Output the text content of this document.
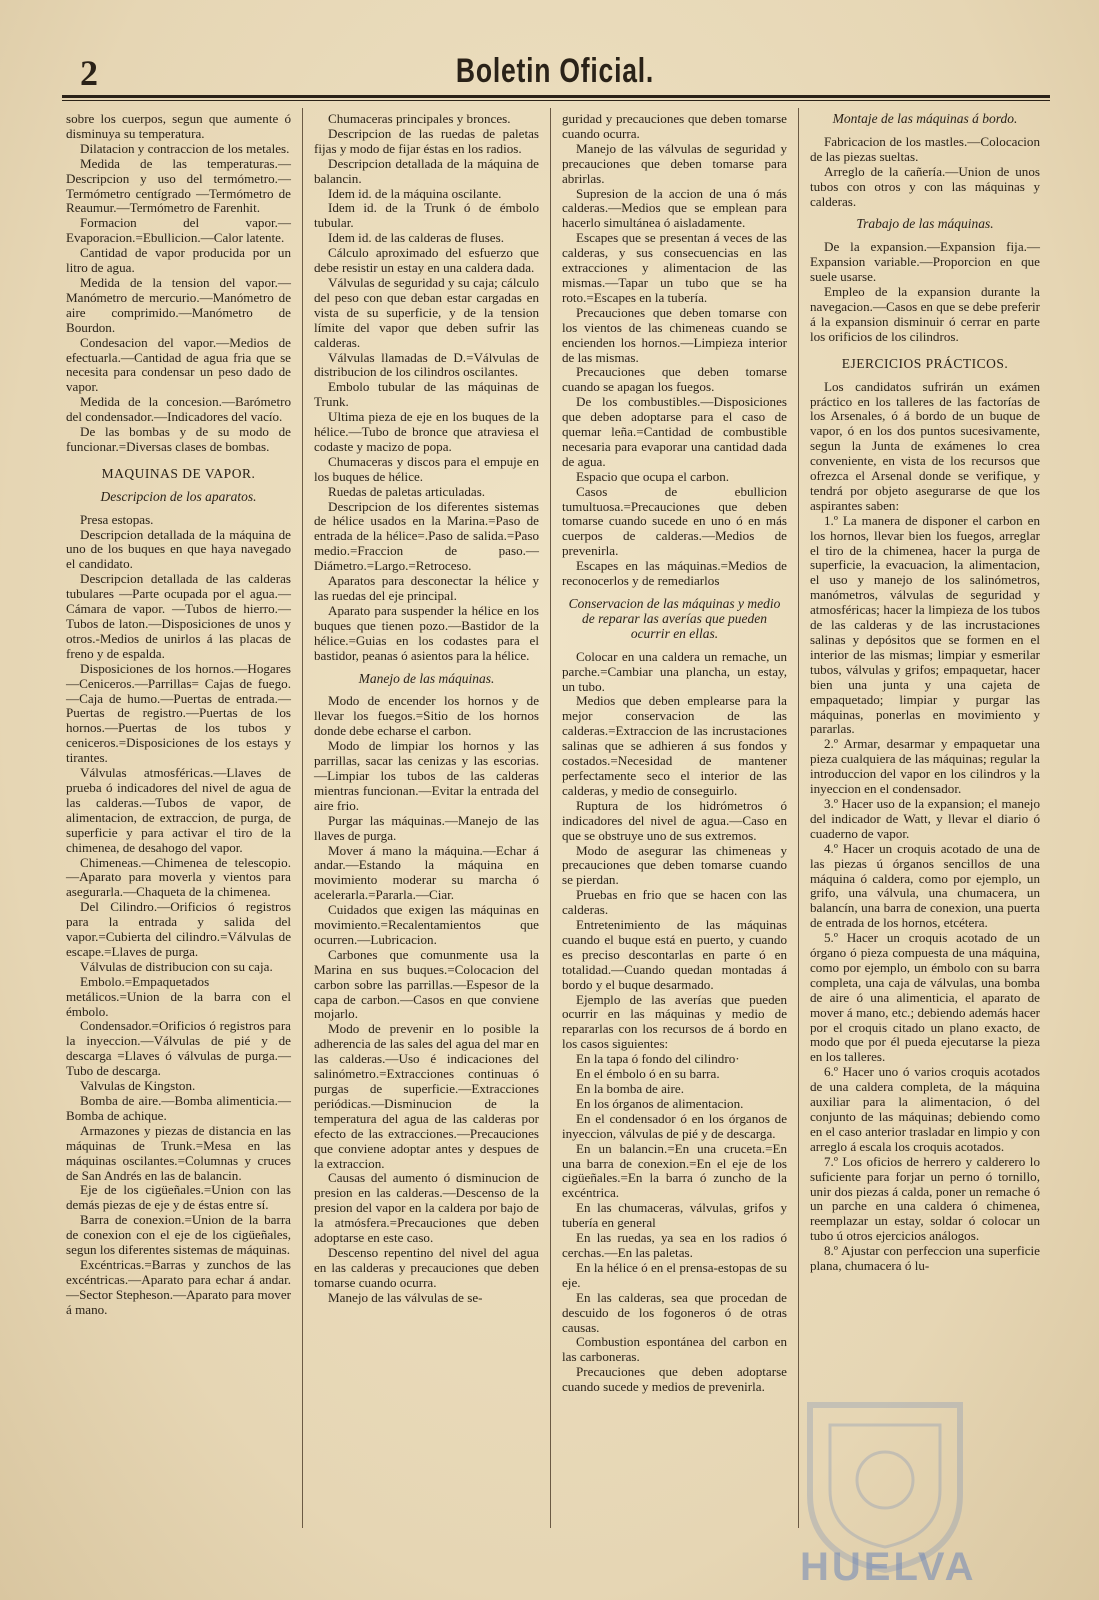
2	Boletin Oficial.

sobre los cuerpos, segun que aumente ó disminuya su temperatura.

Dilatacion y contraccion de los metales.

Medida de las temperaturas.—Descripcion y uso del termómetro.—Termómetro centígrado —Termómetro de Reaumur.—Termómetro de Farenhit.

Formacion del vapor.—Evaporacion.=Ebullicion.—Calor latente.

Cantidad de vapor producida por un litro de agua.

Medida de la tension del vapor.—Manómetro de mercurio.—Manómetro de aire comprimido.—Manómetro de Bourdon.

Condesacion del vapor.—Medios de efectuarla.—Cantidad de agua fria que se necesita para condensar un peso dado de vapor.

Medida de la concesion.—Barómetro del condensador.—Indicadores del vacío.

De las bombas y de su modo de funcionar.=Diversas clases de bombas.

MAQUINAS DE VAPOR.
Descripcion de los aparatos.

Presa estopas.

Descripcion detallada de la máquina de uno de los buques en que haya navegado el candidato.

Descripcion detallada de las calderas tubulares —Parte ocupada por el agua.—Cámara de vapor. —Tubos de hierro.—Tubos de laton.—Disposiciones de unos y otros.-Medios de unirlos á las placas de freno y de espalda.

Disposiciones de los hornos.—Hogares —Ceniceros.—Parrillas= Cajas de fuego.—Caja de humo.—Puertas de entrada.—Puertas de registro.—Puertas de los hornos.—Puertas de los tubos y ceniceros.=Disposiciones de los estays y tirantes.

Válvulas atmosféricas.—Llaves de prueba ó indicadores del nivel de agua de las calderas.—Tubos de vapor, de alimentacion, de extraccion, de purga, de superficie y para activar el tiro de la chimenea, de desahogo del vapor.

Chimeneas.—Chimenea de telescopio.—Aparato para moverla y vientos para asegurarla.—Chaqueta de la chimenea.

Del Cilindro.—Orificios ó registros para la entrada y salida del vapor.=Cubierta del cilindro.=Válvulas de escape.=Llaves de purga.

Válvulas de distribucion con su caja.

Embolo.=Empaquetados metálicos.=Union de la barra con el émbolo.

Condensador.=Orificios ó registros para la inyeccion.—Válvulas de pié y de descarga =Llaves ó válvulas de purga.—Tubo de descarga.

Valvulas de Kingston.

Bomba de aire.—Bomba alimenticia.—Bomba de achique.

Armazones y piezas de distancia en las máquinas de Trunk.=Mesa en las máquinas oscilantes.=Columnas y cruces de San Andrés en las de balancin.

Eje de los cigüeñales.=Union con las demás piezas de eje y de éstas entre sí.

Barra de conexion.=Union de la barra de conexion con el eje de los cigüeñales, segun los diferentes sistemas de máquinas.

Excéntricas.=Barras y zunchos de las excéntricas.—Aparato para echar á andar.—Sector Stepheson.—Aparato para mover á mano.

Chumaceras principales y bronces.

Descripcion de las ruedas de paletas fijas y modo de fijar éstas en los radios.

Descripcion detallada de la máquina de balancin.

Idem id. de la máquina oscilante.

Idem id. de la Trunk ó de émbolo tubular.

Idem id. de las calderas de fluses.

Cálculo aproximado del esfuerzo que debe resistir un estay en una caldera dada.

Válvulas de seguridad y su caja; cálculo del peso con que deban estar cargadas en vista de su superficie, y de la tension límite del vapor que deben sufrir las calderas.

Válvulas llamadas de D.=Válvulas de distribucion de los cilindros oscilantes.

Embolo tubular de las máquinas de Trunk.

Ultima pieza de eje en los buques de la hélice.—Tubo de bronce que atraviesa el codaste y macizo de popa.

Chumaceras y discos para el empuje en los buques de hélice.

Ruedas de paletas articuladas.

Descripcion de los diferentes sistemas de hélice usados en la Marina.=Paso de entrada de la hélice=.Paso de salida.=Paso medio.=Fraccion de paso.—Diámetro.=Largo.=Retroceso.

Aparatos para desconectar la hélice y las ruedas del eje principal.

Aparato para suspender la hélice en los buques que tienen pozo.—Bastidor de la hélice.=Guias en los codastes para el bastidor, peanas ó asientos para la hélice.

Manejo de las máquinas.

Modo de encender los hornos y de llevar los fuegos.=Sitio de los hornos donde debe echarse el carbon.

Modo de limpiar los hornos y las parrillas, sacar las cenizas y las escorias.—Limpiar los tubos de las calderas mientras funcionan.—Evitar la entrada del aire frio.

Purgar las máquinas.—Manejo de las llaves de purga.

Mover á mano la máquina.—Echar á andar.—Estando la máquina en movimiento moderar su marcha ó acelerarla.=Pararla.—Ciar.

Cuidados que exigen las máquinas en movimiento.=Recalentamientos que ocurren.—Lubricacion.

Carbones que comunmente usa la Marina en sus buques.=Colocacion del carbon sobre las parrillas.—Espesor de la capa de carbon.—Casos en que conviene mojarlo.

Modo de prevenir en lo posible la adherencia de las sales del agua del mar en las calderas.—Uso é indicaciones del salinómetro.=Extracciones continuas ó purgas de superficie.—Extracciones periódicas.—Disminucion de la temperatura del agua de las calderas por efecto de las extracciones.—Precauciones que conviene adoptar antes y despues de la extraccion.

Causas del aumento ó disminucion de presion en las calderas.—Descenso de la presion del vapor en la caldera por bajo de la atmósfera.=Precauciones que deben adoptarse en este caso.

Descenso repentino del nivel del agua en las calderas y precauciones que deben tomarse cuando ocurra.

Manejo de las válvulas de se-

guridad y precauciones que deben tomarse cuando ocurra.

Manejo de las válvulas de seguridad y precauciones que deben tomarse para abrirlas.

Supresion de la accion de una ó más calderas.—Medios que se emplean para hacerlo simultánea ó aisladamente.

Escapes que se presentan á veces de las calderas, y sus consecuencias en las extracciones y alimentacion de las mismas.—Tapar un tubo que se ha roto.=Escapes en la tubería.

Precauciones que deben tomarse con los vientos de las chimeneas cuando se encienden los hornos.—Limpieza interior de las mismas.

Precauciones que deben tomarse cuando se apagan los fuegos.

De los combustibles.—Disposiciones que deben adoptarse para el caso de quemar leña.=Cantidad de combustible necesaria para evaporar una cantidad dada de agua.

Espacio que ocupa el carbon.

Casos de ebullicion tumultuosa.=Precauciones que deben tomarse cuando sucede en uno ó en más cuerpos de calderas.—Medios de prevenirla.

Escapes en las máquinas.=Medios de reconocerlos y de remediarlos

Conservacion de las máquinas y medio de reparar las averías que pueden ocurrir en ellas.

Colocar en una caldera un remache, un parche.=Cambiar una plancha, un estay, un tubo.

Medios que deben emplearse para la mejor conservacion de las calderas.=Extraccion de las incrustaciones salinas que se adhieren á sus fondos y costados.=Necesidad de mantener perfectamente seco el interior de las calderas, y medio de conseguirlo.

Ruptura de los hidrómetros ó indicadores del nivel de agua.—Caso en que se obstruye uno de sus extremos.

Modo de asegurar las chimeneas y precauciones que deben tomarse cuando se pierdan.

Pruebas en frio que se hacen con las calderas.

Entretenimiento de las máquinas cuando el buque está en puerto, y cuando es preciso descontarlas en parte ó en totalidad.—Cuando quedan montadas á bordo y el buque desarmado.

Ejemplo de las averías que pueden ocurrir en las máquinas y medio de repararlas con los recursos de á bordo en los casos siguientes:

En la tapa ó fondo del cilindro·

En el émbolo ó en su barra.

En la bomba de aire.

En los órganos de alimentacion.

En el condensador ó en los órganos de inyeccion, válvulas de pié y de descarga.

En un balancin.=En una cruceta.=En una barra de conexion.=En el eje de los cigüeñales.=En la barra ó zuncho de la excéntrica.

En las chumaceras, válvulas, grifos y tubería en general

En las ruedas, ya sea en los radios ó cerchas.—En las paletas.

En la hélice ó en el prensa-estopas de su eje.

En las calderas, sea que procedan de descuido de los fogoneros ó de otras causas.

Combustion espontánea del carbon en las carboneras.

Precauciones que deben adoptarse cuando sucede y medios de prevenirla.

Montaje de las máquinas á bordo.

Fabricacion de los mastles.—Colocacion de las piezas sueltas.

Arreglo de la cañería.—Union de unos tubos con otros y con las máquinas y calderas.

Trabajo de las máquinas.

De la expansion.—Expansion fija.—Expansion variable.—Proporcion en que suele usarse.

Empleo de la expansion durante la navegacion.—Casos en que se debe preferir á la expansion disminuir ó cerrar en parte los orificios de los cilindros.

EJERCICIOS PRÁCTICOS.

Los candidatos sufrirán un exámen práctico en los talleres de las factorías de los Arsenales, ó á bordo de un buque de vapor, ó en los dos puntos sucesivamente, segun la Junta de exámenes lo crea conveniente, en vista de los recursos que ofrezca el Arsenal donde se verifique, y tendrá por objeto asegurarse de que los aspirantes saben:

1.º La manera de disponer el carbon en los hornos, llevar bien los fuegos, arreglar el tiro de la chimenea, hacer la purga de superficie, la evacuacion, la alimentacion, el uso y manejo de los salinómetros, manómetros, válvulas de seguridad y atmosféricas; hacer la limpieza de los tubos de las calderas y de las incrustaciones salinas y depósitos que se formen en el interior de las mismas; limpiar y esmerilar tubos, válvulas y grifos; empaquetar, hacer bien una junta y una cajeta de empaquetado; limpiar y purgar las máquinas, ponerlas en movimiento y pararlas.

2.º Armar, desarmar y empaquetar una pieza cualquiera de las máquinas; regular la introduccion del vapor en los cilindros y la inyeccion en el condensador.

3.º Hacer uso de la expansion; el manejo del indicador de Watt, y llevar el diario ó cuaderno de vapor.

4.º Hacer un croquis acotado de una de las piezas ú órganos sencillos de una máquina ó caldera, como por ejemplo, un grifo, una válvula, una chumacera, un balancín, una barra de conexion, una puerta de entrada de los hornos, etcétera.

5.º Hacer un croquis acotado de un órgano ó pieza compuesta de una máquina, como por ejemplo, un émbolo con su barra completa, una caja de válvulas, una bomba de aire ó una alimenticia, el aparato de mover á mano, etc.; debiendo además hacer por el croquis citado un plano exacto, de modo que por él pueda ejecutarse la pieza en los talleres.

6.º Hacer uno ó varios croquis acotados de una caldera completa, de la máquina auxiliar para la alimentacion, ó del conjunto de las máquinas; debiendo como en el caso anterior trasladar en limpio y con arreglo á escala los croquis acotados.

7.º Los oficios de herrero y calderero lo suficiente para forjar un perno ó tornillo, unir dos piezas á calda, poner un remache ó un parche en una caldera ó chimenea, reemplazar un estay, soldar ó colocar un tubo ú otros ejercicios análogos.

8.º Ajustar con perfeccion una superficie plana, chumacera ó lu-

HUELVA
